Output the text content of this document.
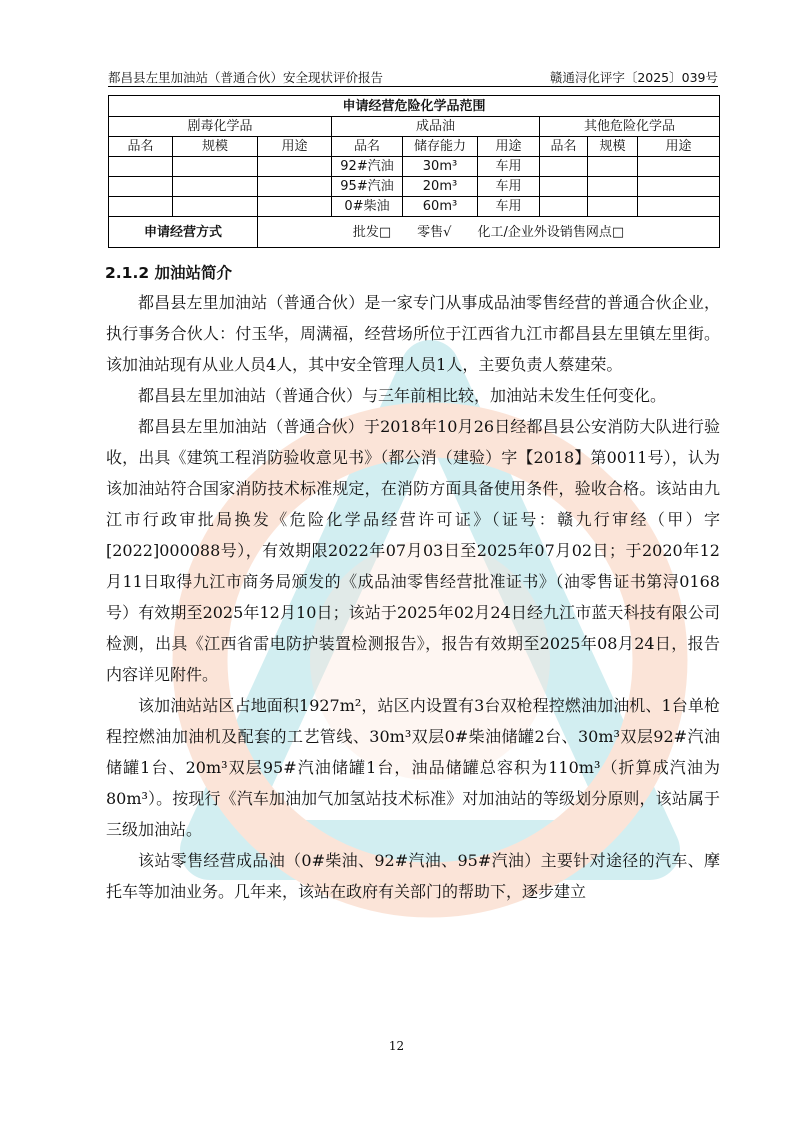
都昌县左里加油站（普通合伙）安全现状评价报告	赣通浔化评字〔2025〕039号
申请经营危险化学品范围								
剧毒化学品			成品油			其他危险化学品		
品名	规模	用途	品名	储存能力	用途	品名	规模	用途
			92#汽油	30m³	车用			
			95#汽油	20m³	车用			
			0#柴油	60m³	车用			
申请经营方式		批发□　　零售√　　化工/企业外设销售网点□						
2.1.2 加油站简介

都昌县左里加油站（普通合伙）是一家专门从事成品油零售经营的普通合伙企业，执行事务合伙人：付玉华，周满福，经营场所位于江西省九江市都昌县左里镇左里街。该加油站现有从业人员4人，其中安全管理人员1人，主要负责人蔡建荣。

都昌县左里加油站（普通合伙）与三年前相比较，加油站未发生任何变化。

都昌县左里加油站（普通合伙）于2018年10月26日经都昌县公安消防大队进行验收，出具《建筑工程消防验收意见书》（都公消（建验）字【2018】第0011号），认为该加油站符合国家消防技术标准规定，在消防方面具备使用条件，验收合格。该站由九江市行政审批局换发《危险化学品经营许可证》（证号：赣九行审经（甲）字[2022]000088号），有效期限2022年07月03日至2025年07月02日；于2020年12月11日取得九江市商务局颁发的《成品油零售经营批准证书》（油零售证书第浔0168号）有效期至2025年12月10日；该站于2025年02月24日经九江市蓝天科技有限公司检测，出具《江西省雷电防护装置检测报告》，报告有效期至2025年08月24日，报告内容详见附件。

该加油站站区占地面积1927m²，站区内设置有3台双枪程控燃油加油机、1台单枪程控燃油加油机及配套的工艺管线、30m³双层0#柴油储罐2台、30m³双层92#汽油储罐1台、20m³双层95#汽油储罐1台，油品储罐总容积为110m³（折算成汽油为80m³）。按现行《汽车加油加气加氢站技术标准》对加油站的等级划分原则，该站属于三级加油站。

该站零售经营成品油（0#柴油、92#汽油、95#汽油）主要针对途径的汽车、摩托车等加油业务。几年来，该站在政府有关部门的帮助下，逐步建立

12
